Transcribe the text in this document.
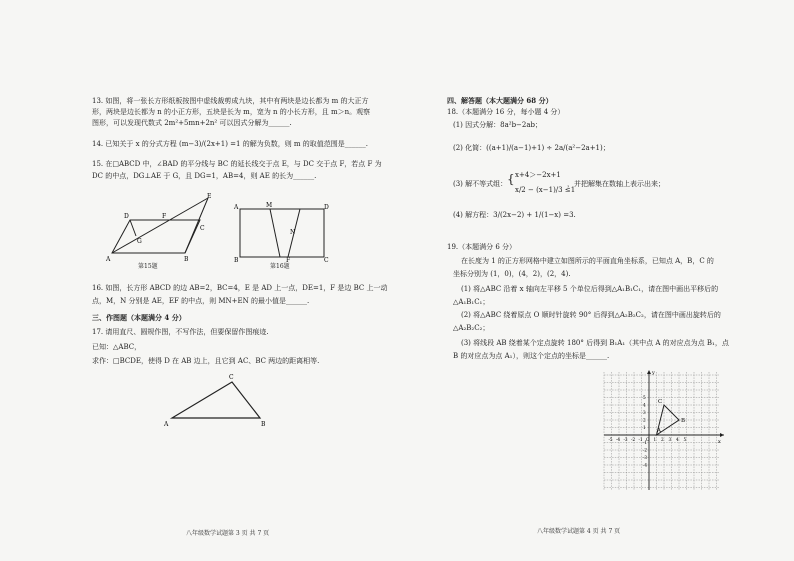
13. 如图，将一张长方形纸板按图中虚线裁剪成九块，其中有两块是边长都为 m 的大正方
形，两块是边长都为 n 的小正方形，五块是长为 m，宽为 n 的小长方形，且 m＞n。观察
图形，可以发现代数式 2m²+5mn+2n² 可以因式分解为______.
14. 已知关于 x 的分式方程 (m−3)/(2x+1) =1 的解为负数，则 m 的取值范围是______.
15. 在□ABCD 中，∠BAD 的平分线与 BC 的延长线交于点 E，与 DC 交于点 F，若点 F 为
DC 的中点，DG⊥AE 于 G，且 DG=1，AB=4，则 AE 的长为______.
D	F
E
G
A	B
C
第15题
A	M	D
N
B	F	C
第16题
16. 如图，长方形 ABCD 的边 AB=2，BC=4，E 是 AD 上一点，DE=1，F 是边 BC 上一动
点，M，N 分别是 AE，EF 的中点，则 MN+EN 的最小值是______.
三、作图题（本题满分 4 分）
17. 请用直尺、圆规作图，不写作法，但要保留作图痕迹.
已知：△ABC，
求作：□BCDE，使得 D 在 AB 边上，且它到 AC、BC 两边的距离相等.
C
A	B
八年级数学试题第 3 页 共 7 页
四、解答题（本大题满分 68 分）
18.（本题满分 16 分，每小题 4 分）
(1) 因式分解：8a²b−2ab；
(2) 化简：((a+1)/(a−1)+1) ÷ 2a/(a²−2a+1)；
(3) 解不等式组： { x+4＞−2x+1
x/2 − (x−1)/3 ≤1
，并把解集在数轴上表示出来；
(4) 解方程：3/(2x−2) + 1/(1−x) =3.
19.（本题满分 6 分）
在长度为 1 的正方形网格中建立如图所示的平面直角坐标系，已知点 A，B，C 的
坐标分别为 (1，0)，(4，2)，(2，4).
(1) 将△ABC 沿着 x 轴向左平移 5 个单位后得到△A₁B₁C₁，请在图中画出平移后的
△A₁B₁C₁；
(2) 将△ABC 绕着原点 O 顺时针旋转 90° 后得到△A₂B₂C₂，请在图中画出旋转后的
△A₂B₂C₂；
(3) 将线段 AB 绕着某个定点旋转 180° 后得到 B₁A₁（其中点 A 的对应点为点 B₁，点
B 的对应点为点 A₁），则这个定点的坐标是______.
x
y
-5 -4 -3 -2 -1 O 1 2 3 4 5
5
4
3
2
1
-1
-2
-3
-4
C
A
B
八年级数学试题第 4 页 共 7 页
